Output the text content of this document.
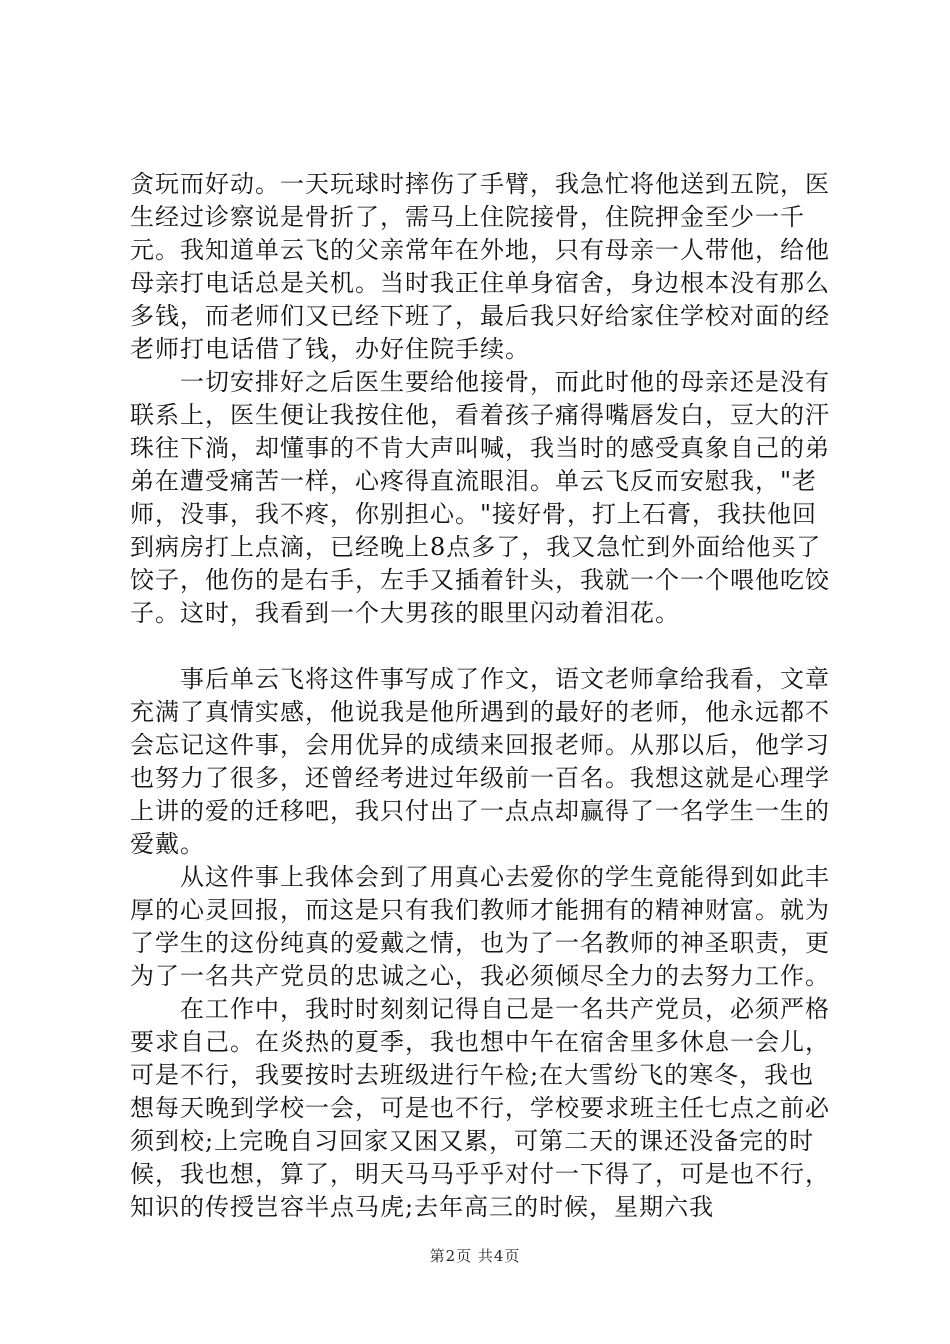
贪玩而好动。一天玩球时摔伤了手臂，我急忙将他送到五院，医生经过诊察说是骨折了，需马上住院接骨，住院押金至少一千元。我知道单云飞的父亲常年在外地，只有母亲一人带他，给他母亲打电话总是关机。当时我正住单身宿舍，身边根本没有那么多钱，而老师们又已经下班了，最后我只好给家住学校对面的经老师打电话借了钱，办好住院手续。

　　一切安排好之后医生要给他接骨，而此时他的母亲还是没有联系上，医生便让我按住他，看着孩子痛得嘴唇发白，豆大的汗珠往下淌，却懂事的不肯大声叫喊，我当时的感受真象自己的弟弟在遭受痛苦一样，心疼得直流眼泪。单云飞反而安慰我，"老师，没事，我不疼，你别担心。"接好骨，打上石膏，我扶他回到病房打上点滴，已经晚上8点多了，我又急忙到外面给他买了饺子，他伤的是右手，左手又插着针头，我就一个一个喂他吃饺子。这时，我看到一个大男孩的眼里闪动着泪花。

　　事后单云飞将这件事写成了作文，语文老师拿给我看，文章充满了真情实感，他说我是他所遇到的最好的老师，他永远都不会忘记这件事，会用优异的成绩来回报老师。从那以后，他学习也努力了很多，还曾经考进过年级前一百名。我想这就是心理学上讲的爱的迁移吧，我只付出了一点点却赢得了一名学生一生的爱戴。

　　从这件事上我体会到了用真心去爱你的学生竟能得到如此丰厚的心灵回报，而这是只有我们教师才能拥有的精神财富。就为了学生的这份纯真的爱戴之情，也为了一名教师的神圣职责，更为了一名共产党员的忠诚之心，我必须倾尽全力的去努力工作。

　　在工作中，我时时刻刻记得自己是一名共产党员，必须严格要求自己。在炎热的夏季，我也想中午在宿舍里多休息一会儿，可是不行，我要按时去班级进行午检;在大雪纷飞的寒冬，我也想每天晚到学校一会，可是也不行，学校要求班主任七点之前必须到校;上完晚自习回家又困又累，可第二天的课还没备完的时候，我也想，算了，明天马马乎乎对付一下得了，可是也不行，知识的传授岂容半点马虎;去年高三的时候，星期六我

第2页 共4页
